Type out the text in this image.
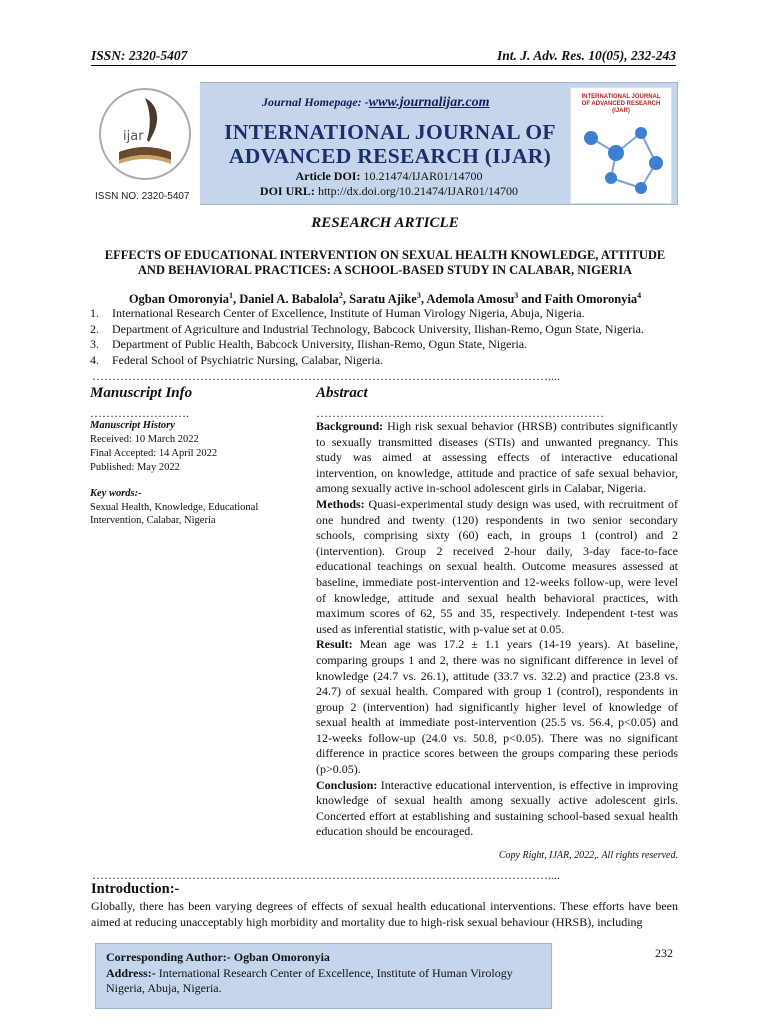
ISSN: 2320-5407	Int. J. Adv. Res. 10(05), 232-243
ijar
ISSN NO. 2320-5407
INTERNATIONAL JOURNAL OF ADVANCED RESEARCH (IJAR)
Journal Homepage: -www.journalijar.com
INTERNATIONAL JOURNAL OF ADVANCED RESEARCH (IJAR)
Article DOI: 10.21474/IJAR01/14700
DOI URL: http://dx.doi.org/10.21474/IJAR01/14700
RESEARCH ARTICLE
EFFECTS OF EDUCATIONAL INTERVENTION ON SEXUAL HEALTH KNOWLEDGE, ATTITUDE AND BEHAVIORAL PRACTICES: A SCHOOL-BASED STUDY IN CALABAR, NIGERIA
Ogban Omoronyia$^1$, Daniel A. Babalola$^2$, Saratu Ajike$^3$, Ademola Amosu$^3$ and Faith Omoronyia$^4$
1. International Research Center of Excellence, Institute of Human Virology Nigeria, Abuja, Nigeria.
2. Department of Agriculture and Industrial Technology, Babcock University, Ilishan-Remo, Ogun State, Nigeria.
3. Department of Public Health, Babcock University, Ilishan-Remo, Ogun State, Nigeria.
4. Federal School of Psychiatric Nursing, Calabar, Nigeria.
……………………………………………………………………………………………………....
Manuscript Info
…………………….
Manuscript History
Received: 10 March 2022
Final Accepted: 14 April 2022
Published: May 2022
Key words:-
Sexual Health, Knowledge, Educational Intervention, Calabar, Nigeria
Abstract
………………………………………………………………

Background: High risk sexual behavior (HRSB) contributes significantly to sexually transmitted diseases (STIs) and unwanted pregnancy. This study was aimed at assessing effects of interactive educational intervention, on knowledge, attitude and practice of safe sexual behavior, among sexually active in-school adolescent girls in Calabar, Nigeria.

Methods: Quasi-experimental study design was used, with recruitment of one hundred and twenty (120) respondents in two senior secondary schools, comprising sixty (60) each, in groups 1 (control) and 2 (intervention). Group 2 received 2-hour daily, 3-day face-to-face educational teachings on sexual health. Outcome measures assessed at baseline, immediate post-intervention and 12-weeks follow-up, were level of knowledge, attitude and sexual health behavioral practices, with maximum scores of 62, 55 and 35, respectively. Independent t-test was used as inferential statistic, with p-value set at 0.05.

Result: Mean age was 17.2 ± 1.1 years (14-19 years). At baseline, comparing groups 1 and 2, there was no significant difference in level of knowledge (24.7 vs. 26.1), attitude (33.7 vs. 32.2) and practice (23.8 vs. 24.7) of sexual health. Compared with group 1 (control), respondents in group 2 (intervention) had significantly higher level of knowledge of sexual health at immediate post-intervention (25.5 vs. 56.4, p<0.05) and 12-weeks follow-up (24.0 vs. 50.8, p<0.05). There was no significant difference in practice scores between the groups comparing these periods (p>0.05).

Conclusion: Interactive educational intervention, is effective in improving knowledge of sexual health among sexually active adolescent girls. Concerted effort at establishing and sustaining school-based sexual health education should be encouraged.

Copy Right, IJAR, 2022,. All rights reserved.
……………………………………………………………………………………………………....
Introduction:-
Globally, there has been varying degrees of effects of sexual health educational interventions. These efforts have been aimed at reducing unacceptably high morbidity and mortality due to high-risk sexual behaviour (HRSB), including
Corresponding Author:- Ogban Omoronyia
Address:- International Research Center of Excellence, Institute of Human Virology Nigeria, Abuja, Nigeria.
232
